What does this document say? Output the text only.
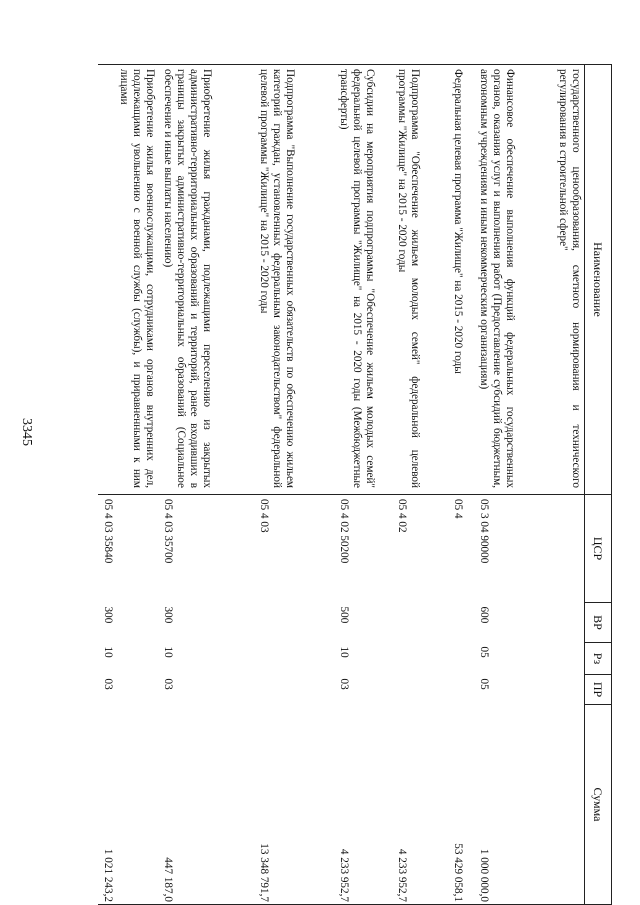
3345
Наименование	ЦСР	ВР	Рз	ПР	Сумма
государственного ценообразования, сметного нормирования и технического регулирования в строительной сфере"					
Финансовое обеспечение выполнения функций федеральных государственных органов, оказания услуг и выполнения работ (Предоставление субсидий бюджетным, автономным учреждениям и иным некоммерческим организациям)	05 3 04 90000	600	05	05	1 000 000,0
Федеральная целевая программа "Жилище" на 2015 - 2020 годы	05 4				53 429 058,1
Подпрограмма "Обеспечение жильем молодых семей" федеральной целевой программы "Жилище" на 2015 - 2020 годы	05 4 02				4 233 952,7
Субсидии на мероприятия подпрограммы "Обеспечение жильем молодых семей" федеральной целевой программы "Жилище" на 2015 - 2020 годы (Межбюджетные трансферты)	05 4 02 50200	500	10	03	4 233 952,7
Подпрограмма "Выполнение государственных обязательств по обеспечению жильем категорий граждан, установленных федеральным законодательством" федеральной целевой программы "Жилище" на 2015 - 2020 годы	05 4 03				13 348 791,7
Приобретение жилья гражданами, подлежащими переселению из закрытых административно-территориальных образований и территорий, ранее входивших в границы закрытых административно-территориальных образований (Социальное обеспечение и иные выплаты населению)	05 4 03 35700	300	10	03	447 187,0
Приобретение жилья военнослужащими, сотрудниками органов внутренних дел, подлежащими увольнению с военной службы (службы), и приравненными к ним лицами	05 4 03 35840	300	10	03	1 021 243,2
